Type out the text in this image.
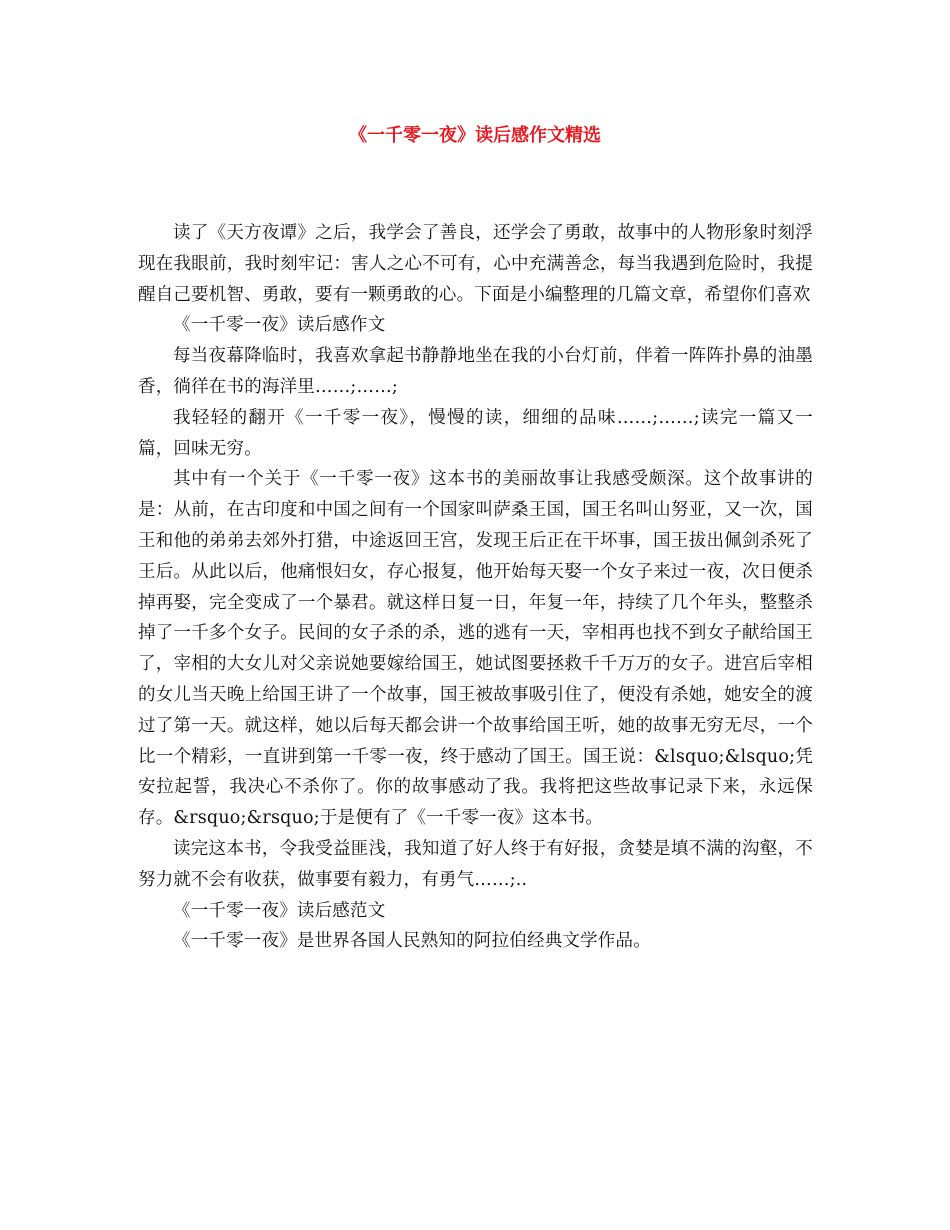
《一千零一夜》读后感作文精选

读了《天方夜谭》之后，我学会了善良，还学会了勇敢，故事中的人物形象时刻浮现在我眼前，我时刻牢记：害人之心不可有，心中充满善念，每当我遇到危险时，我提醒自己要机智、勇敢，要有一颗勇敢的心。下面是小编整理的几篇文章，希望你们喜欢

《一千零一夜》读后感作文

每当夜幕降临时，我喜欢拿起书静静地坐在我的小台灯前，伴着一阵阵扑鼻的油墨香，徜徉在书的海洋里……;……;

我轻轻的翻开《一千零一夜》，慢慢的读，细细的品味……;……;读完一篇又一篇，回味无穷。

其中有一个关于《一千零一夜》这本书的美丽故事让我感受颇深。这个故事讲的是：从前，在古印度和中国之间有一个国家叫萨桑王国，国王名叫山努亚，又一次，国王和他的弟弟去郊外打猎，中途返回王宫，发现王后正在干坏事，国王拔出佩剑杀死了王后。从此以后，他痛恨妇女，存心报复，他开始每天娶一个女子来过一夜，次日便杀掉再娶，完全变成了一个暴君。就这样日复一日，年复一年，持续了几个年头，整整杀掉了一千多个女子。民间的女子杀的杀，逃的逃有一天，宰相再也找不到女子献给国王了，宰相的大女儿对父亲说她要嫁给国王，她试图要拯救千千万万的女子。进宫后宰相的女儿当天晚上给国王讲了一个故事，国王被故事吸引住了，便没有杀她，她安全的渡过了第一天。就这样，她以后每天都会讲一个故事给国王听，她的故事无穷无尽，一个比一个精彩，一直讲到第一千零一夜，终于感动了国王。国王说：&lsquo;&lsquo;凭安拉起誓，我决心不杀你了。你的故事感动了我。我将把这些故事记录下来，永远保存。&rsquo;&rsquo;于是便有了《一千零一夜》这本书。

读完这本书，令我受益匪浅，我知道了好人终于有好报，贪婪是填不满的沟壑，不努力就不会有收获，做事要有毅力，有勇气……;..

《一千零一夜》读后感范文

《一千零一夜》是世界各国人民熟知的阿拉伯经典文学作品。
